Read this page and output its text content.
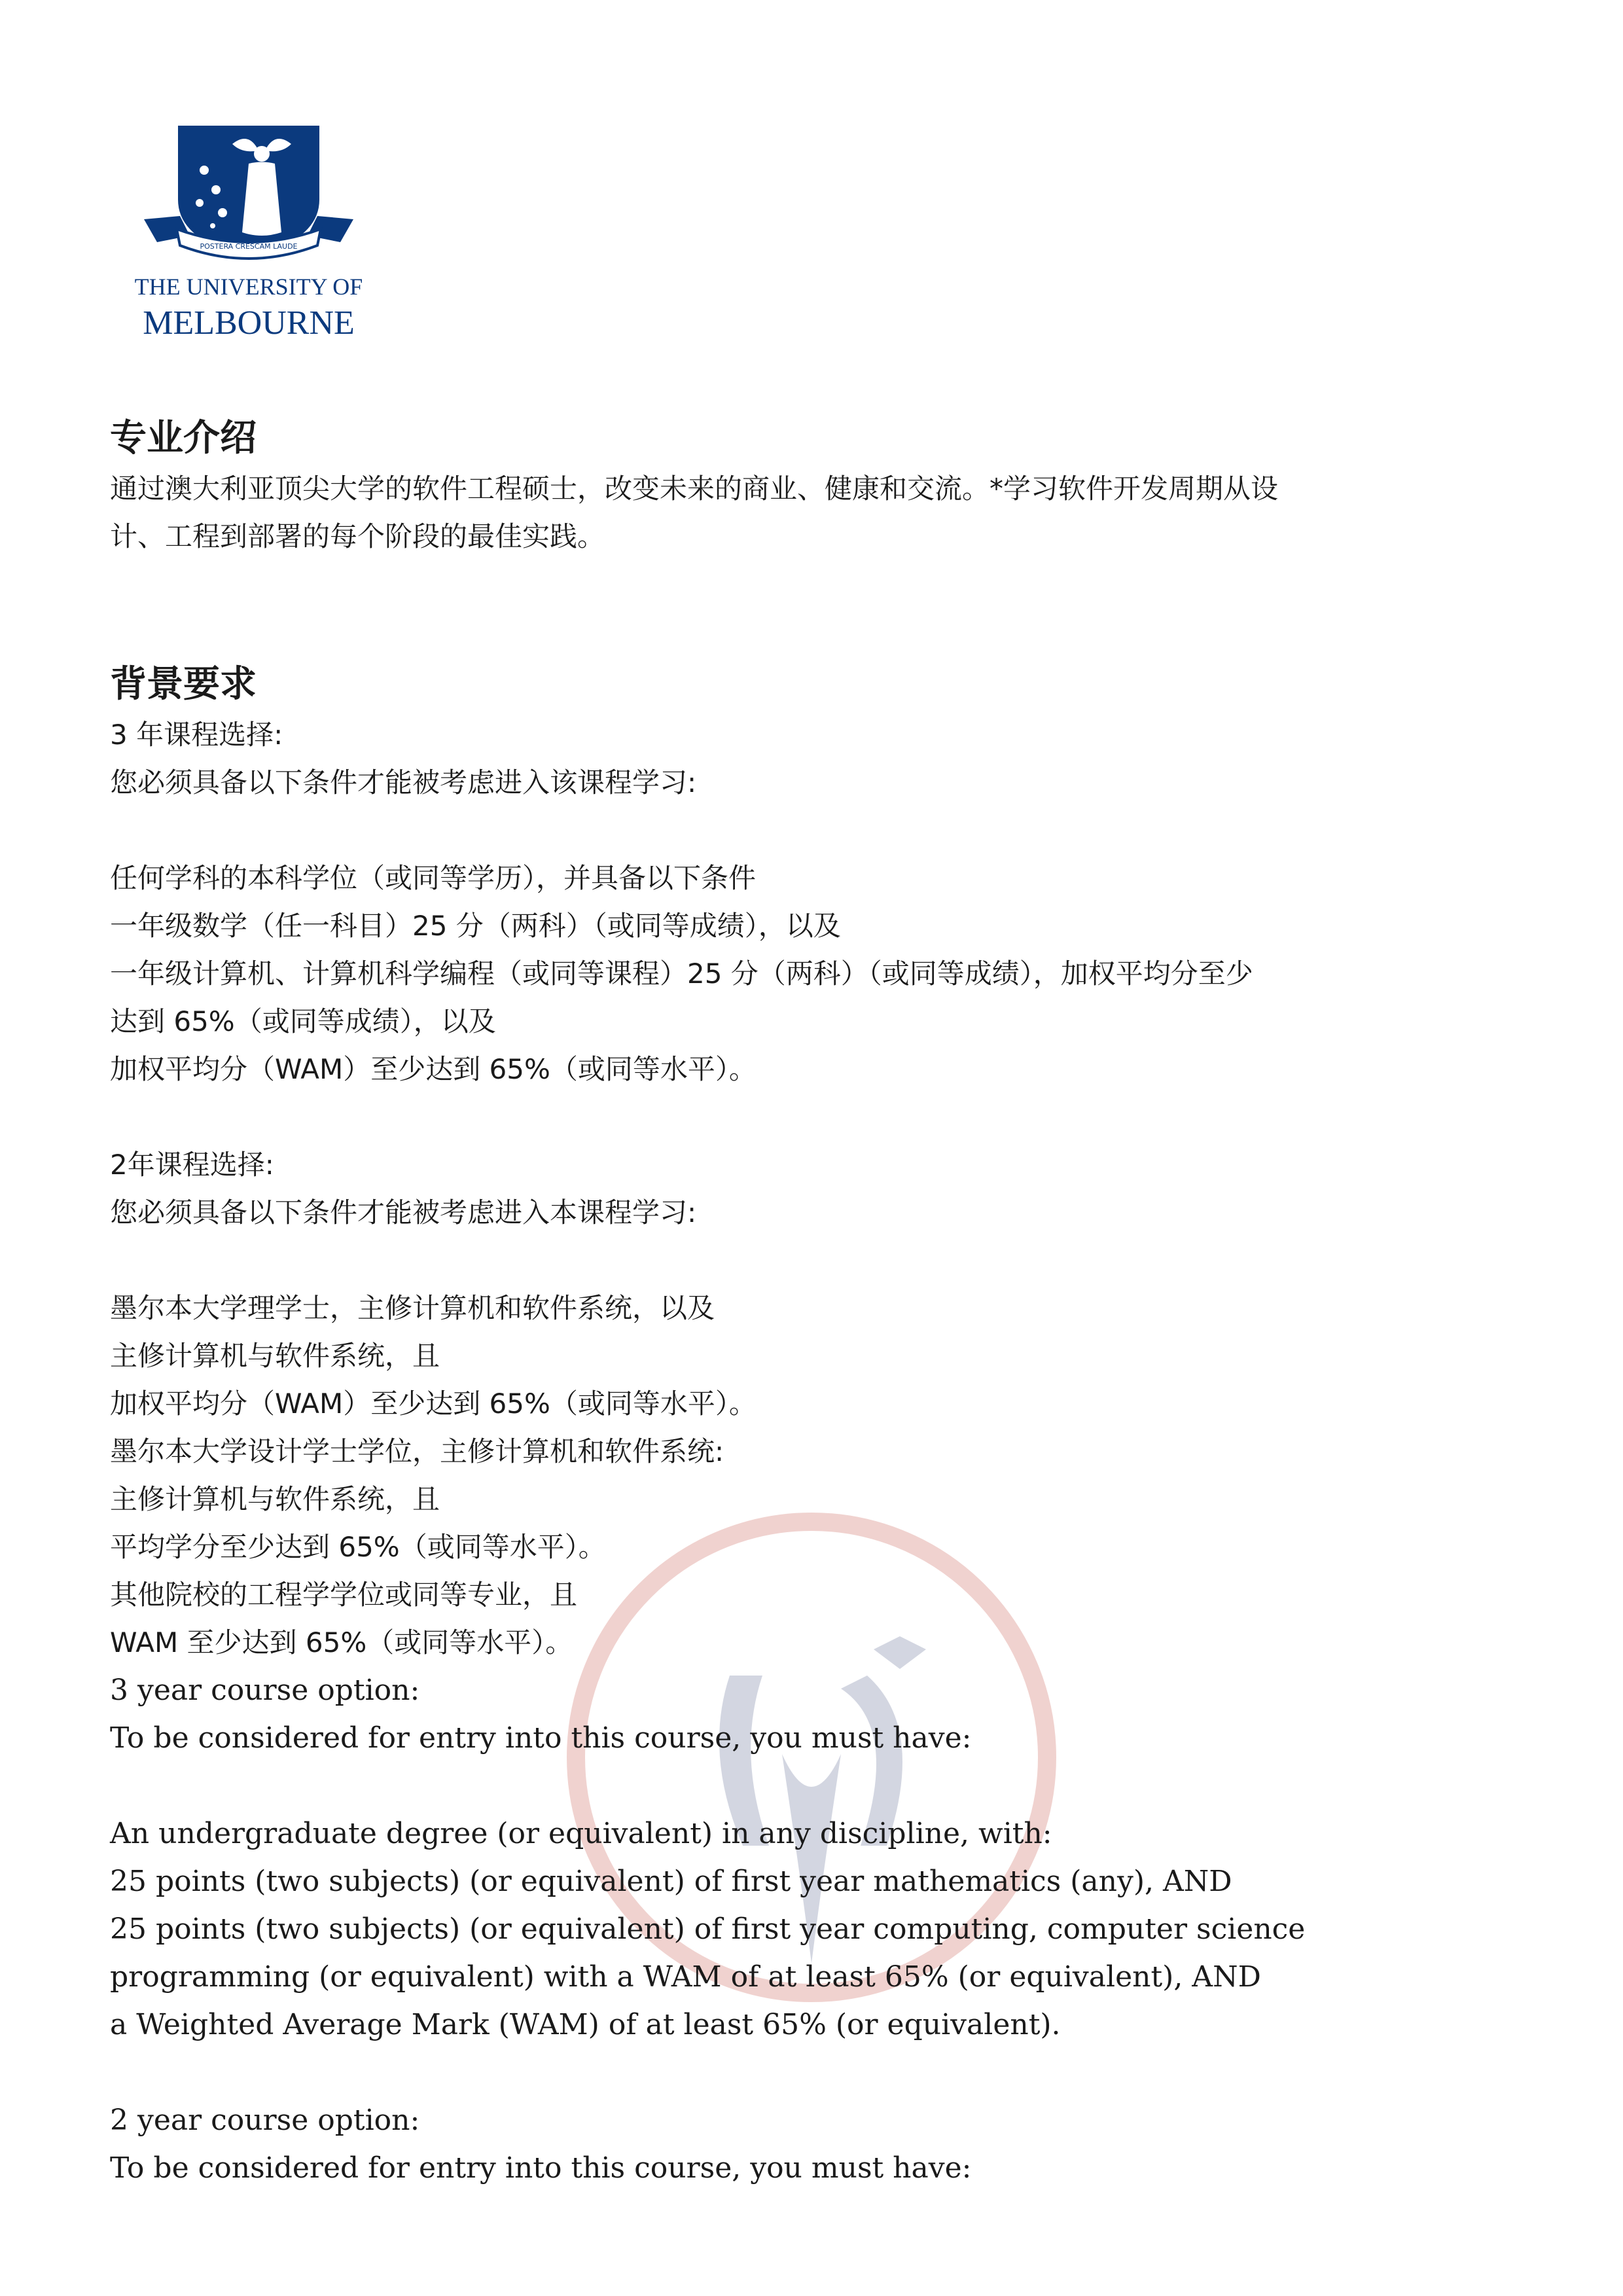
POSTERA CRESCAM LAUDE
THE UNIVERSITY OF
MELBOURNE
专业介绍

通过澳大利亚顶尖大学的软件工程硕士，改变未来的商业、健康和交流。*学习软件开发周期从设

计、工程到部署的每个阶段的最佳实践。

背景要求

3 年课程选择:

您必须具备以下条件才能被考虑进入该课程学习:

任何学科的本科学位（或同等学历），并具备以下条件

一年级数学（任一科目）25 分（两科）（或同等成绩），以及

一年级计算机、计算机科学编程（或同等课程）25 分（两科）（或同等成绩），加权平均分至少

达到 65%（或同等成绩），以及

加权平均分（WAM）至少达到 65%（或同等水平）。

2年课程选择:

您必须具备以下条件才能被考虑进入本课程学习:

墨尔本大学理学士，主修计算机和软件系统，以及

主修计算机与软件系统，且

加权平均分（WAM）至少达到 65%（或同等水平）。

墨尔本大学设计学士学位，主修计算机和软件系统:

主修计算机与软件系统，且

平均学分至少达到 65%（或同等水平）。

其他院校的工程学学位或同等专业，且

WAM 至少达到 65%（或同等水平）。

3 year course option:

To be considered for entry into this course, you must have:

An undergraduate degree (or equivalent) in any discipline, with:

25 points (two subjects) (or equivalent) of first year mathematics (any), AND

25 points (two subjects) (or equivalent) of first year computing, computer science

programming (or equivalent) with a WAM of at least 65% (or equivalent), AND

a Weighted Average Mark (WAM) of at least 65% (or equivalent).

2 year course option:

To be considered for entry into this course, you must have:
